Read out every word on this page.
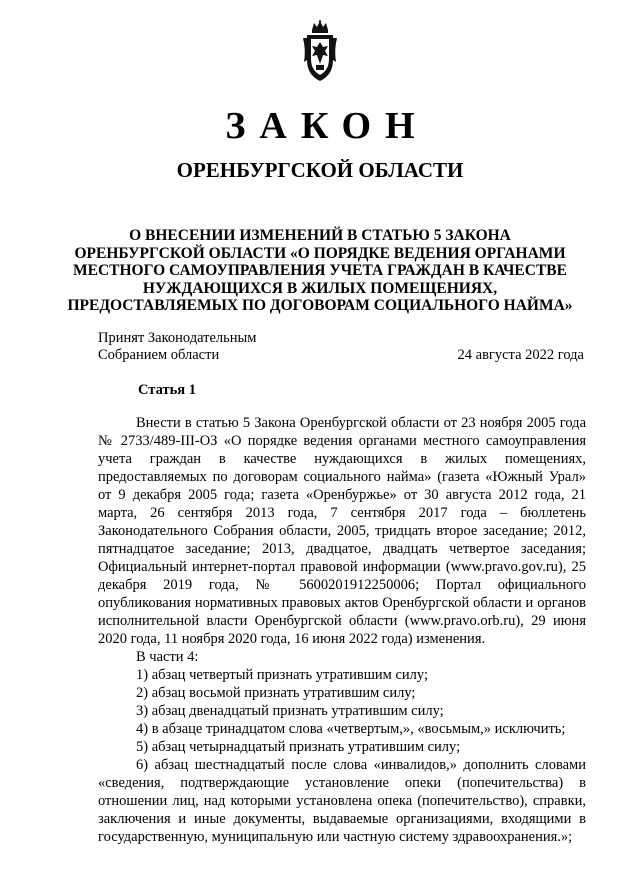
ЗАКОН
ОРЕНБУРГСКОЙ ОБЛАСТИ
О ВНЕСЕНИИ ИЗМЕНЕНИЙ В СТАТЬЮ 5 ЗАКОНА
ОРЕНБУРГСКОЙ ОБЛАСТИ «О ПОРЯДКЕ ВЕДЕНИЯ ОРГАНАМИ
МЕСТНОГО САМОУПРАВЛЕНИЯ УЧЕТА ГРАЖДАН В КАЧЕСТВЕ
НУЖДАЮЩИХСЯ В ЖИЛЫХ ПОМЕЩЕНИЯХ,
ПРЕДОСТАВЛЯЕМЫХ ПО ДОГОВОРАМ СОЦИАЛЬНОГО НАЙМА»
Принят Законодательным
Собранием области	24 августа 2022 года
Статья 1

Внести в статью 5 Закона Оренбургской области от 23 ноября 2005 года № 2733/489-III-ОЗ «О порядке ведения органами местного самоуправления учета граждан в качестве нуждающихся в жилых помещениях, предоставляемых по договорам социального найма» (газета «Южный Урал» от 9 декабря 2005 года; газета «Оренбуржье» от 30 августа 2012 года, 21 марта, 26 сентября 2013 года, 7 сентября 2017 года – бюллетень Законодательного Собрания области, 2005, тридцать второе заседание; 2012, пятнадцатое заседание; 2013, двадцатое, двадцать четвертое заседания; Официальный интернет-портал правовой информации (www.pravo.gov.ru), 25 декабря 2019 года, № 5600201912250006; Портал официального опубликования нормативных правовых актов Оренбургской области и органов исполнительной власти Оренбургской области (www.pravo.orb.ru), 29 июня 2020 года, 11 ноября 2020 года, 16 июня 2022 года) изменения.

В части 4:

1) абзац четвертый признать утратившим силу;

2) абзац восьмой признать утратившим силу;

3) абзац двенадцатый признать утратившим силу;

4) в абзаце тринадцатом слова «четвертым,», «восьмым,» исключить;

5) абзац четырнадцатый признать утратившим силу;

6) абзац шестнадцатый после слова «инвалидов,» дополнить словами «сведения, подтверждающие установление опеки (попечительства) в отношении лиц, над которыми установлена опека (попечительство), справки, заключения и иные документы, выдаваемые организациями, входящими в государственную, муниципальную или частную систему здравоохранения.»;
